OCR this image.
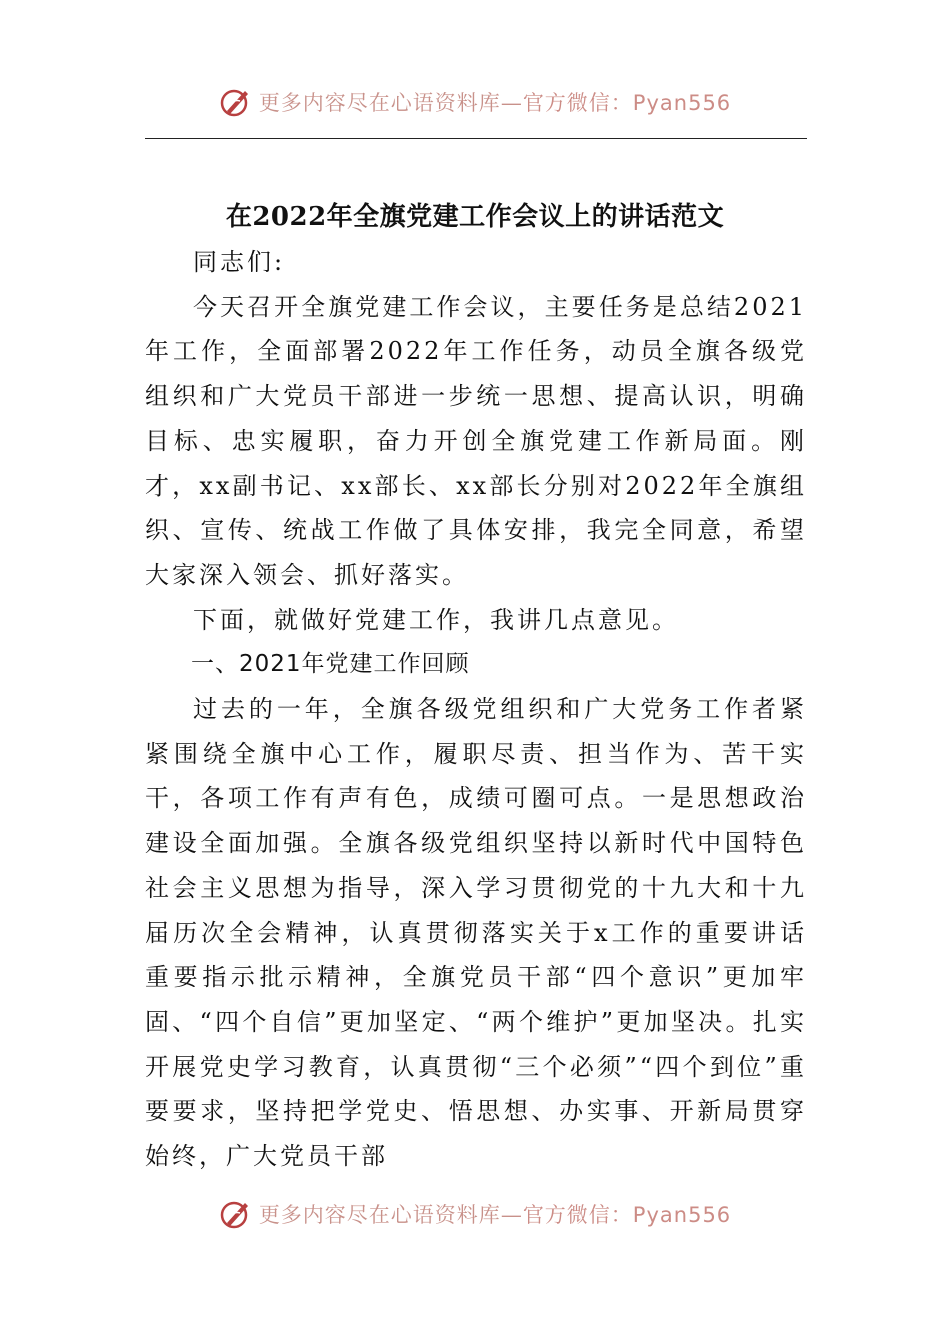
更多内容尽在心语资料库—官方微信：Pyan556
在2022年全旗党建工作会议上的讲话范文

同志们:

今天召开全旗党建工作会议，主要任务是总结2021年工作，全面部署2022年工作任务，动员全旗各级党组织和广大党员干部进一步统一思想、提高认识，明确目标、忠实履职，奋力开创全旗党建工作新局面。刚才，xx副书记、xx部长、xx部长分别对2022年全旗组织、宣传、统战工作做了具体安排，我完全同意，希望大家深入领会、抓好落实。

下面，就做好党建工作，我讲几点意见。

一、2021年党建工作回顾

过去的一年，全旗各级党组织和广大党务工作者紧紧围绕全旗中心工作，履职尽责、担当作为、苦干实干，各项工作有声有色，成绩可圈可点。一是思想政治建设全面加强。全旗各级党组织坚持以新时代中国特色社会主义思想为指导，深入学习贯彻党的十九大和十九届历次全会精神，认真贯彻落实关于x工作的重要讲话重要指示批示精神，全旗党员干部“四个意识”更加牢固、“四个自信”更加坚定、“两个维护”更加坚决。扎实开展党史学习教育，认真贯彻“三个必须”“四个到位”重要要求，坚持把学党史、悟思想、办实事、开新局贯穿始终，广大党员干部

更多内容尽在心语资料库—官方微信：Pyan556
